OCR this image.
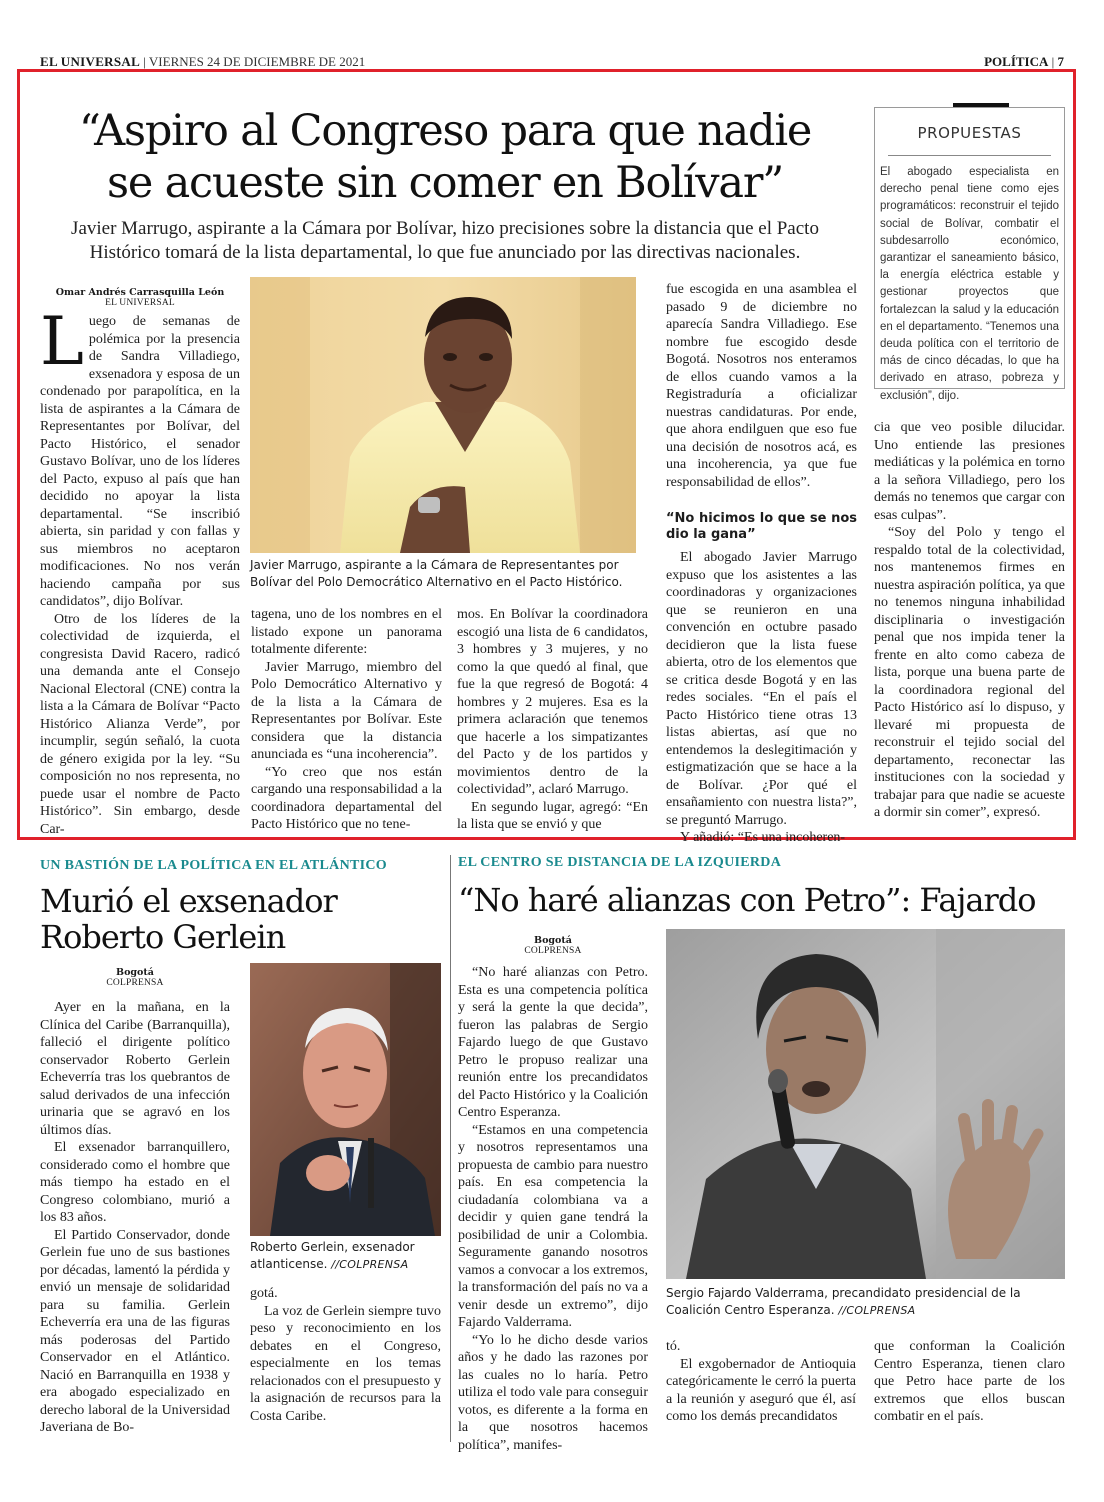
EL UNIVERSAL | VIERNES 24 DE DICIEMBRE DE 2021	POLÍTICA | 7
“Aspiro al Congreso para que nadie
se acueste sin comer en Bolívar”
Javier Marrugo, aspirante a la Cámara por Bolívar, hizo precisiones sobre la distancia que el Pacto Histórico tomará de la lista departamental, lo que fue anunciado por las directivas nacionales.
PROPUESTAS
El abogado especialista en derecho penal tiene como ejes programáticos: reconstruir el tejido social de Bolívar, combatir el subdesarrollo económico, garantizar el saneamiento básico, la energía eléctrica estable y gestionar proyectos que fortalezcan la salud y la educación en el departamento. “Tenemos una deuda política con el territorio de más de cinco décadas, lo que ha derivado en atraso, pobreza y exclusión”, dijo.
Omar Andrés Carrasquilla León
EL UNIVERSAL

Luego de semanas de polémica por la presencia de Sandra Villadiego, exsenadora y esposa de un condenado por parapolítica, en la lista de aspirantes a la Cámara de Representantes por Bolívar, del Pacto Histórico, el senador Gustavo Bolívar, uno de los líderes del Pacto, expuso al país que han decidido no apoyar la lista departamental. “Se inscribió abierta, sin paridad y con fallas y sus miembros no aceptaron modificaciones. No nos verán haciendo campaña por sus candidatos”, dijo Bolívar.

Otro de los líderes de la colectividad de izquierda, el congresista David Racero, radicó una demanda ante el Consejo Nacional Electoral (CNE) contra la lista a la Cámara de Bolívar “Pacto Histórico Alianza Verde”, por incumplir, según señaló, la cuota de género exigida por la ley. “Su composición no nos representa, no puede usar el nombre de Pacto Histórico”. Sin embargo, desde Car-

Javier Marrugo, aspirante a la Cámara de Representantes por Bolívar del Polo Democrático Alternativo en el Pacto Histórico.

tagena, uno de los nombres en el listado expone un panorama totalmente diferente:

Javier Marrugo, miembro del Polo Democrático Alternativo y de la lista a la Cámara de Representantes por Bolívar. Este considera que la distancia anunciada es “una incoherencia”.

“Yo creo que nos están cargando una responsabilidad a la coordinadora departamental del Pacto Histórico que no tene-

mos. En Bolívar la coordinadora escogió una lista de 6 candidatos, 3 hombres y 3 mujeres, y no como la que quedó al final, que fue la que regresó de Bogotá: 4 hombres y 2 mujeres. Esa es la primera aclaración que tenemos que hacerle a los simpatizantes del Pacto y de los partidos y movimientos dentro de la colectividad”, aclaró Marrugo.

En segundo lugar, agregó: “En la lista que se envió y que

fue escogida en una asamblea el pasado 9 de diciembre no aparecía Sandra Villadiego. Ese nombre fue escogido desde Bogotá. Nosotros nos enteramos de ellos cuando vamos a la Registraduría a oficializar nuestras candidaturas. Por ende, que ahora endilguen que eso fue una decisión de nosotros acá, es una incoherencia, ya que fue responsabilidad de ellos”.

“No hicimos lo que se nos dio la gana”

El abogado Javier Marrugo expuso que los asistentes a las coordinadoras y organizaciones que se reunieron en una convención en octubre pasado decidieron que la lista fuese abierta, otro de los elementos que se critica desde Bogotá y en las redes sociales. “En el país el Pacto Histórico tiene otras 13 listas abiertas, así que no entendemos la deslegitimación y estigmatización que se hace a la de Bolívar. ¿Por qué el ensañamiento con nuestra lista?”, se preguntó Marrugo.

Y añadió: “Es una incoheren-

cia que veo posible dilucidar. Uno entiende las presiones mediáticas y la polémica en torno a la señora Villadiego, pero los demás no tenemos que cargar con esas culpas”.

“Soy del Polo y tengo el respaldo total de la colectividad, nos mantenemos firmes en nuestra aspiración política, ya que no tenemos ninguna inhabilidad disciplinaria o investigación penal que nos impida tener la frente en alto como cabeza de lista, porque una buena parte de la coordinadora regional del Pacto Histórico así lo dispuso, y llevaré mi propuesta de reconstruir el tejido social del departamento, reconectar las instituciones con la sociedad y trabajar para que nadie se acueste a dormir sin comer”, expresó.

UN BASTIÓN DE LA POLÍTICA EN EL ATLÁNTICO
Murió el exsenador
Roberto Gerlein
Bogotá
COLPRENSA

Ayer en la mañana, en la Clínica del Caribe (Barranquilla), falleció el dirigente político conservador Roberto Gerlein Echeverría tras los quebrantos de salud derivados de una infección urinaria que se agravó en los últimos días.

El exsenador barranquillero, considerado como el hombre que más tiempo ha estado en el Congreso colombiano, murió a los 83 años.

El Partido Conservador, donde Gerlein fue uno de sus bastiones por décadas, lamentó la pérdida y envió un mensaje de solidaridad para su familia. Gerlein Echeverría era una de las figuras más poderosas del Partido Conservador en el Atlántico. Nació en Barranquilla en 1938 y era abogado especializado en derecho laboral de la Universidad Javeriana de Bo-

Roberto Gerlein, exsenador atlanticense. //COLPRENSA

gotá.

La voz de Gerlein siempre tuvo peso y reconocimiento en los debates en el Congreso, especialmente en los temas relacionados con el presupuesto y la asignación de recursos para la Costa Caribe.

EL CENTRO SE DISTANCIA DE LA IZQUIERDA
“No haré alianzas con Petro”: Fajardo
Bogotá
COLPRENSA

“No haré alianzas con Petro. Esta es una competencia política y será la gente la que decida”, fueron las palabras de Sergio Fajardo luego de que Gustavo Petro le propuso realizar una reunión entre los precandidatos del Pacto Histórico y la Coalición Centro Esperanza.

“Estamos en una competencia y nosotros representamos una propuesta de cambio para nuestro país. En esa competencia la ciudadanía colombiana va a decidir y quien gane tendrá la posibilidad de unir a Colombia. Seguramente ganando nosotros vamos a convocar a los extremos, la transformación del país no va a venir desde un extremo”, dijo Fajardo Valderrama.

“Yo lo he dicho desde varios años y he dado las razones por las cuales no lo haría. Petro utiliza el todo vale para conseguir votos, es diferente a la forma en la que nosotros hacemos política”, manifes-

Sergio Fajardo Valderrama, precandidato presidencial de la Coalición Centro Esperanza. //COLPRENSA

tó.

El exgobernador de Antioquia categóricamente le cerró la puerta a la reunión y aseguró que él, así como los demás precandidatos

que conforman la Coalición Centro Esperanza, tienen claro que Petro hace parte de los extremos que ellos buscan combatir en el país.
